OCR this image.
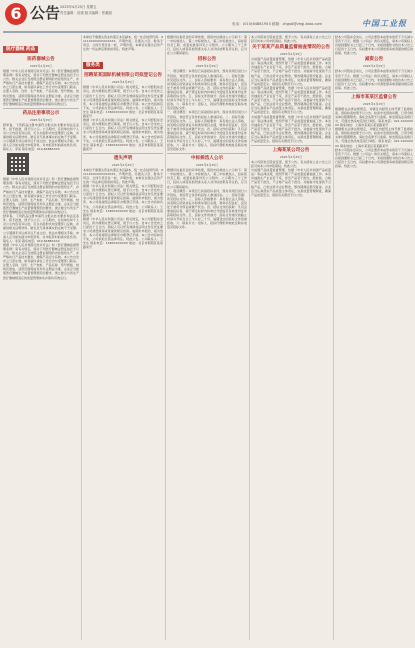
6 公告 2025年4月25日 星期五
责任编辑：田康 版式编辑：张雅丽
电话：(010)64881953 邮箱：zhgsb@zhgj-biao.com	中国工业报
医疗器械 药品
医药器械公告
2025年4月25日
根据《中华人民共和国行政许可法》和《医疗器械监督管理条例》等有关规定，现对下列医疗器械注册证信息予以公告。相关企业应当按照注册证载明的内容组织生产，并严格执行产品技术要求，确保产品安全有效。本公告自发布之日起生效，如有疑问请在工作日内与受理部门联系。注册人名称、住所、生产地址、产品名称、型号规格、结构及组成、适用范围等信息均以注册证为准。企业应当按照医疗器械生产质量管理规范的要求，建立健全与所生产医疗器械相适应的质量管理体系并保持有效运行。
药品注册事项公示
2025年4月25日
经审查，下列药品注册申请符合相关技术要求和法定条件，拟予批准，现予以公示。公示期内，任何单位和个人对公示内容有异议的，可以书面形式向受理部门反映，并提供相关证明材料。匿名及无具体事实的反映不予受理。公示期满无异议或异议不成立的，依法办理相关手续。申请人应当如实提交申报资料，对申报资料的真实性负责。联系人：李某 联系电话：010-6488XXXX
根据《中华人民共和国行政许可法》和《医疗器械监督管理条例》等有关规定，现对下列医疗器械注册证信息予以公告。相关企业应当按照注册证载明的内容组织生产，并严格执行产品技术要求，确保产品安全有效。本公告自发布之日起生效，如有疑问请在工作日内与受理部门联系。注册人名称、住所、生产地址、产品名称、型号规格、结构及组成、适用范围等信息均以注册证为准。企业应当按照医疗器械生产质量管理规范的要求，建立健全与所生产医疗器械相适应的质量管理体系并保持有效运行。
经审查，下列药品注册申请符合相关技术要求和法定条件，拟予批准，现予以公示。公示期内，任何单位和个人对公示内容有异议的，可以书面形式向受理部门反映，并提供相关证明材料。匿名及无具体事实的反映不予受理。公示期满无异议或异议不成立的，依法办理相关手续。申请人应当如实提交申报资料，对申报资料的真实性负责。联系人：李某 联系电话：010-6488XXXX
根据《中华人民共和国行政许可法》和《医疗器械监督管理条例》等有关规定，现对下列医疗器械注册证信息予以公告。相关企业应当按照注册证载明的内容组织生产，并严格执行产品技术要求，确保产品安全有效。本公告自发布之日起生效，如有疑问请在工作日内与受理部门联系。注册人名称、住所、生产地址、产品名称、型号规格、结构及组成、适用范围等信息均以注册证为准。企业应当按照医疗器械生产质量管理规范的要求，建立健全与所生产医疗器械相适应的质量管理体系并保持有效运行。
本单位不慎遗失营业执照正本及副本，统一社会信用代码：9111XXXXXXXXXXXXX，声明作废。另遗失公章、财务专用章、合同专用章各一枚，声明作废。本单位对遗失后所产生的一切法律后果承担责任。特此声明。
服务类
招聘某某国际机械有限公司拟登记公告
2025年4月25日
根据《中华人民共和国公司法》相关规定，本公司经股东会决议，拟办理相关登记事项，现予以公告。自本公告发布之日起四十五日内，债权人可以凭有效债权证明文件及凭证要求公司清偿债务或者提供相应担保。逾期未申报的，视为放弃，本公司将按照法律程序办理登记手续。本公告内容如有不实，公司承担全部法律责任。特此公告。公司联系人：王先生 联系电话：138XXXXXXXX 地址：北京市朝阳区某某路某号
根据《中华人民共和国公司法》相关规定，本公司经股东会决议，拟办理相关登记事项，现予以公告。自本公告发布之日起四十五日内，债权人可以凭有效债权证明文件及凭证要求公司清偿债务或者提供相应担保。逾期未申报的，视为放弃，本公司将按照法律程序办理登记手续。本公告内容如有不实，公司承担全部法律责任。特此公告。公司联系人：王先生 联系电话：138XXXXXXXX 地址：北京市朝阳区某某路某号
遗失声明
2025年4月25日
本单位不慎遗失营业执照正本及副本，统一社会信用代码：9111XXXXXXXXXXXXX，声明作废。另遗失公章、财务专用章、合同专用章各一枚，声明作废。本单位对遗失后所产生的一切法律后果承担责任。特此声明。
根据《中华人民共和国公司法》相关规定，本公司经股东会决议，拟办理相关登记事项，现予以公告。自本公告发布之日起四十五日内，债权人可以凭有效债权证明文件及凭证要求公司清偿债务或者提供相应担保。逾期未申报的，视为放弃，本公司将按照法律程序办理登记手续。本公告内容如有不实，公司承担全部法律责任。特此公告。公司联系人：王先生 联系电话：138XXXXXXXX 地址：北京市朝阳区某某路某号
根据《中华人民共和国公司法》相关规定，本公司经股东会决议，拟办理相关登记事项，现予以公告。自本公告发布之日起四十五日内，债权人可以凭有效债权证明文件及凭证要求公司清偿债务或者提供相应担保。逾期未申报的，视为放弃，本公司将按照法律程序办理登记手续。本公告内容如有不实，公司承担全部法律责任。特此公告。公司联系人：王先生 联系电话：138XXXXXXXX 地址：北京市朝阳区某某路某号
根据评标委员会的评审结果，现将中标候选人公示如下：第一中标候选人、第二中标候选人、第三中标候选人，投标报价及工期、质量标准等详见公示附件。公示期为三个工作日，投标人或者其他利害关系人对评标结果有异议的，应当在公示期间提出。
招标公告
2025年4月25日
一、项目概况：本项目已具备招标条件，现对该项目进行公开招标，欢迎符合条件的投标人参加投标。二、招标范围：详见招标文件。三、投标人资格要求：具有独立法人资格，具有相应的资质证书和类似项目业绩，财务状况良好，没有处于被责令停业或破产状态。四、招标文件的获取：凡有意参加投标者，请于规定时间内持单位介绍信及有效身份证件获取招标文件。五、投标文件的递交：投标文件递交的截止时间为开标当日上午九时三十分，逾期送达的投标文件将被拒收。六、联系方式：招标人、招标代理机构地址及联系电话见招标文件。
一、项目概况：本项目已具备招标条件，现对该项目进行公开招标，欢迎符合条件的投标人参加投标。二、招标范围：详见招标文件。三、投标人资格要求：具有独立法人资格，具有相应的资质证书和类似项目业绩，财务状况良好，没有处于被责令停业或破产状态。四、招标文件的获取：凡有意参加投标者，请于规定时间内持单位介绍信及有效身份证件获取招标文件。五、投标文件的递交：投标文件递交的截止时间为开标当日上午九时三十分，逾期送达的投标文件将被拒收。六、联系方式：招标人、招标代理机构地址及联系电话见招标文件。
中标候选人公示
2025年4月25日
根据评标委员会的评审结果，现将中标候选人公示如下：第一中标候选人、第二中标候选人、第三中标候选人，投标报价及工期、质量标准等详见公示附件。公示期为三个工作日，投标人或者其他利害关系人对评标结果有异议的，应当在公示期间提出。
一、项目概况：本项目已具备招标条件，现对该项目进行公开招标，欢迎符合条件的投标人参加投标。二、招标范围：详见招标文件。三、投标人资格要求：具有独立法人资格，具有相应的资质证书和类似项目业绩，财务状况良好，没有处于被责令停业或破产状态。四、招标文件的获取：凡有意参加投标者，请于规定时间内持单位介绍信及有效身份证件获取招标文件。五、投标文件的递交：投标文件递交的截止时间为开标当日上午九时三十分，逾期送达的投标文件将被拒收。六、联系方式：招标人、招标代理机构地址及联系电话见招标文件。
本公司拟进行股权变更，现予公告。有关债权人自公告之日起可向本公司申报债权。特此公告。
关于某某产品质量监督抽查情况的公告
2025年4月25日
为加强产品质量监督管理，依据《中华人民共和国产品质量法》等法律法规，组织开展了产品质量监督抽查工作。本次共抽查生产企业若干家，涉及产品若干批次，经检验，合格产品若干批次，不合格产品若干批次。对抽查中发现的不合格产品，已依法责令企业整改，整改期满后组织复查。企业应当认真落实产品质量主体责任，完善质量管理制度，确保产品质量安全。现将有关情况予以公告。
为加强产品质量监督管理，依据《中华人民共和国产品质量法》等法律法规，组织开展了产品质量监督抽查工作。本次共抽查生产企业若干家，涉及产品若干批次，经检验，合格产品若干批次，不合格产品若干批次。对抽查中发现的不合格产品，已依法责令企业整改，整改期满后组织复查。企业应当认真落实产品质量主体责任，完善质量管理制度，确保产品质量安全。现将有关情况予以公告。
为加强产品质量监督管理，依据《中华人民共和国产品质量法》等法律法规，组织开展了产品质量监督抽查工作。本次共抽查生产企业若干家，涉及产品若干批次，经检验，合格产品若干批次，不合格产品若干批次。对抽查中发现的不合格产品，已依法责令企业整改，整改期满后组织复查。企业应当认真落实产品质量主体责任，完善质量管理制度，确保产品质量安全。现将有关情况予以公告。
上海某某公司公告
2025年4月25日
本公司拟进行股权变更，现予公告。有关债权人自公告之日起可向本公司申报债权。特此公告。
为加强产品质量监督管理，依据《中华人民共和国产品质量法》等法律法规，组织开展了产品质量监督抽查工作。本次共抽查生产企业若干家，涉及产品若干批次，经检验，合格产品若干批次，不合格产品若干批次。对抽查中发现的不合格产品，已依法责令企业整改，整改期满后组织复查。企业应当认真落实产品质量主体责任，完善质量管理制度，确保产品质量安全。现将有关情况予以公告。
经本公司股东会决议，公司注册资本由原来的若干万元减少至若干万元。根据《公司法》的有关规定，请本公司债权人自接到通知书之日起三十日内，未接到通知书的自本公告之日起四十五日内，有权要求本公司清偿债务或者提供相应的担保。特此公告。
减资公告
2025年4月25日
经本公司股东会决议，公司注册资本由原来的若干万元减少至若干万元。根据《公司法》的有关规定，请本公司债权人自接到通知书之日起三十日内，未接到通知书的自本公告之日起四十五日内，有权要求本公司清偿债务或者提供相应的担保。特此公告。
上海市某某区监督公告
2025年4月25日
根据相关法律法规规定，对辖区内经营主体开展了监督检查，现将检查结果予以公告。检查中发现的问题，已责令相关单位限期整改。请社会各界予以监督，如发现违法违规行为，可通过热线电话进行举报。联系电话：021-XXXXXXXX 联系地址：上海市某某区某某路某号
根据相关法律法规规定，对辖区内经营主体开展了监督检查，现将检查结果予以公告。检查中发现的问题，已责令相关单位限期整改。请社会各界予以监督，如发现违法违规行为，可通过热线电话进行举报。联系电话：021-XXXXXXXX 联系地址：上海市某某区某某路某号
经本公司股东会决议，公司注册资本由原来的若干万元减少至若干万元。根据《公司法》的有关规定，请本公司债权人自接到通知书之日起三十日内，未接到通知书的自本公告之日起四十五日内，有权要求本公司清偿债务或者提供相应的担保。特此公告。
